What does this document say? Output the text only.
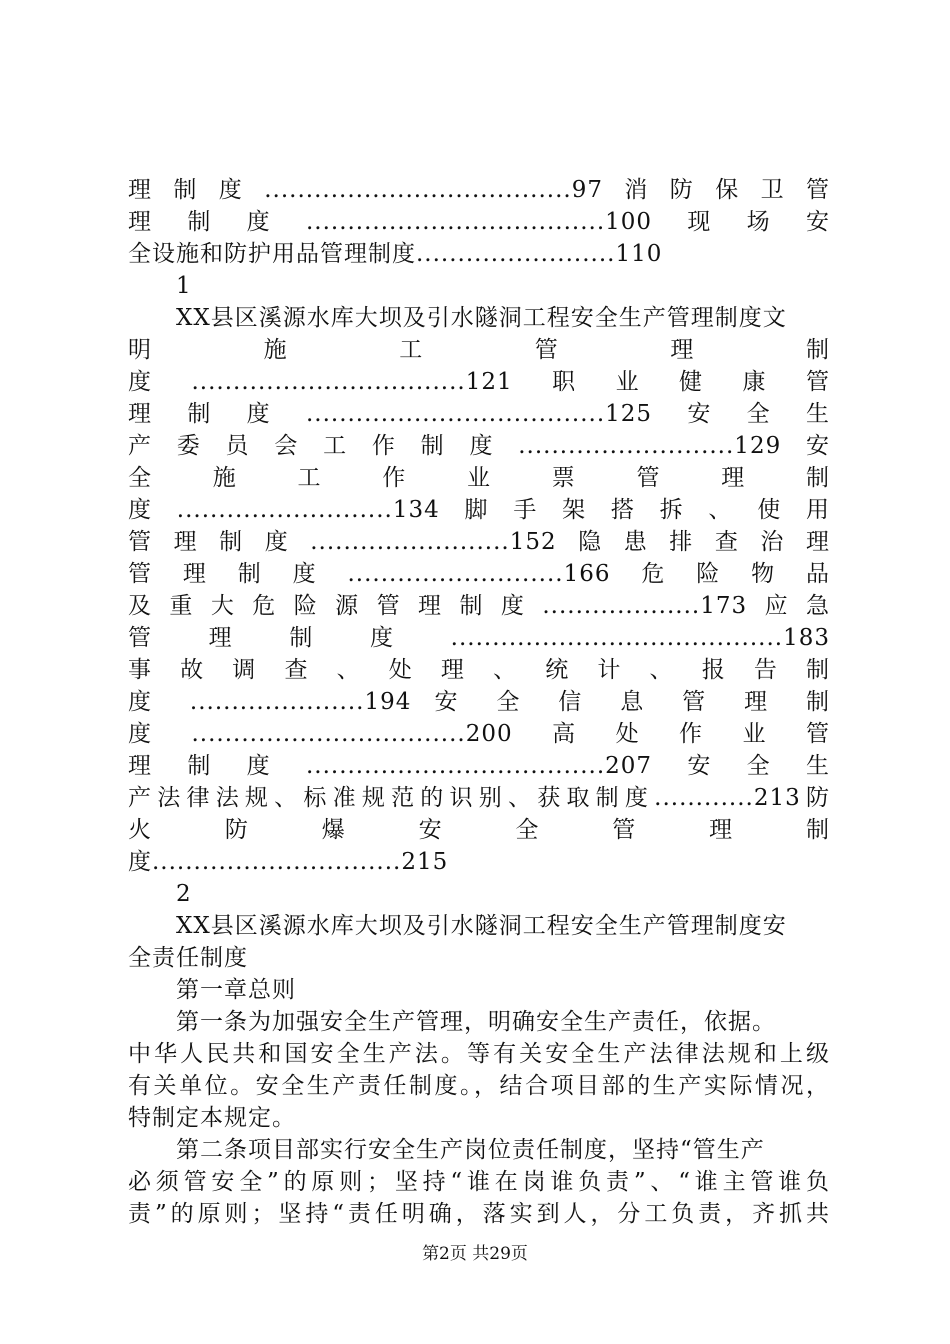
理制度.....................................97消防保卫管
理制度....................................100现场安
全设施和防护用品管理制度........................110
1
XX县区溪源水库大坝及引水隧洞工程安全生产管理制度文
明 施 工 管 理 制
度.................................121职业健康管
理制度....................................125安全生
产委员会工作制度..........................129安
全 施 工 作 业 票 管 理 制
度..........................134脚手架搭拆、使用
管理制度........................152隐患排查治理
管理制度..........................166危险物品
及重大危险源管理制度...................173应急
管理制度........................................183
事 故 调 查 、 处 理 、 统 计 、 报 告 制
度 .....................194 安 全 信 息 管 理 制
度.................................200高处作业管
理制度....................................207安全生
产法律法规、标准规范的识别、获取制度............213防
火 防 爆 安 全 管 理 制
度..............................215
2
XX县区溪源水库大坝及引水隧洞工程安全生产管理制度安
全责任制度
第一章总则
第一条为加强安全生产管理，明确安全生产责任，依据。
中华人民共和国安全生产法。等有关安全生产法律法规和上级
有关单位。安全生产责任制度。，结合项目部的生产实际情况，
特制定本规定。
第二条项目部实行安全生产岗位责任制度，坚持“管生产
必须管安全”的原则；坚持“谁在岗谁负责”、“谁主管谁负
责”的原则；坚持“责任明确，落实到人，分工负责，齐抓共
第2页 共29页
